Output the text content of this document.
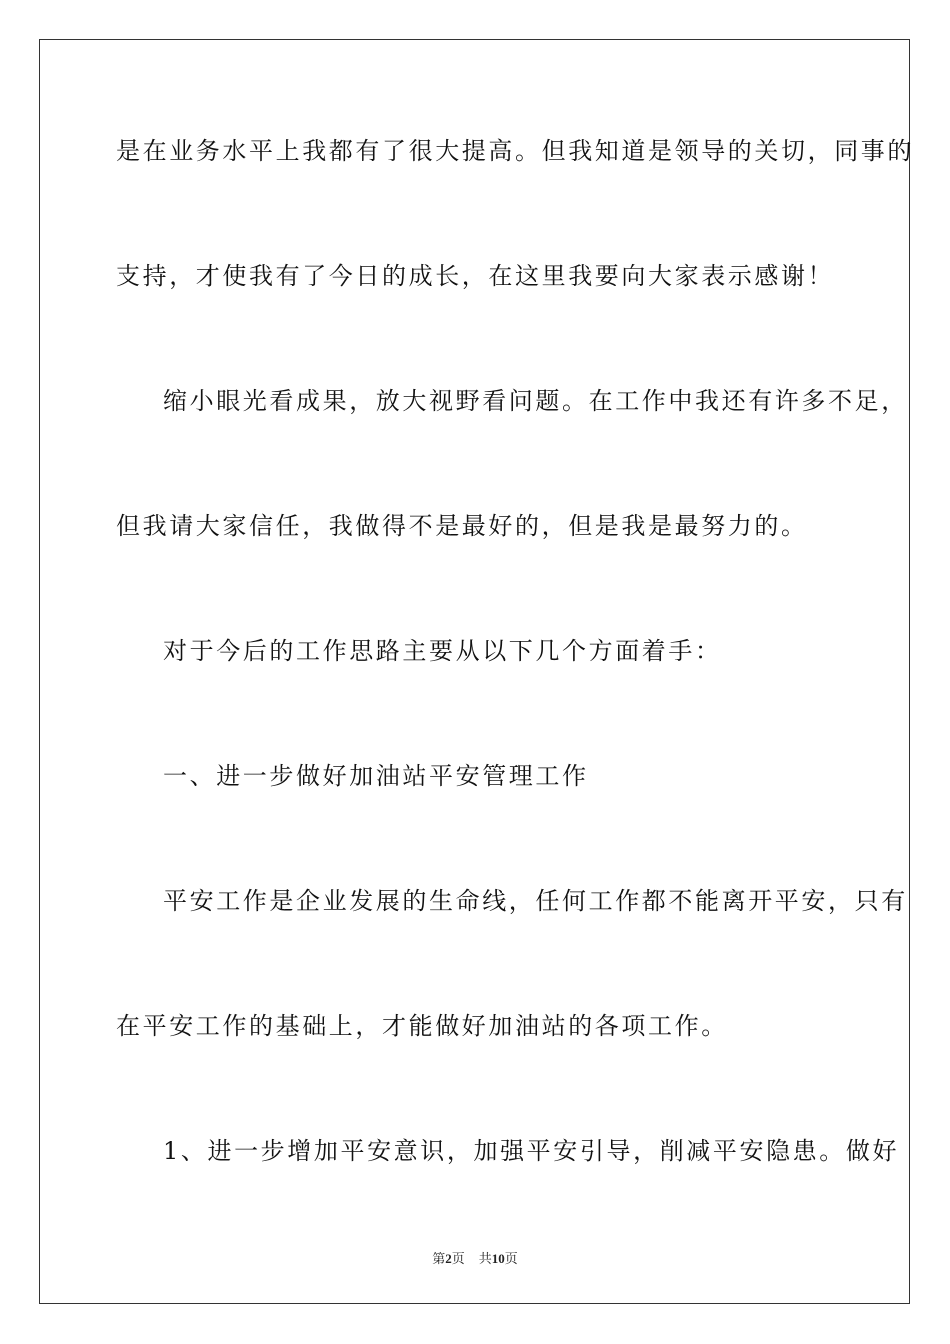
是在业务水平上我都有了很大提高。但我知道是领导的关切，同事的
支持，才使我有了今日的成长，在这里我要向大家表示感谢！
缩小眼光看成果，放大视野看问题。在工作中我还有许多不足，
但我请大家信任，我做得不是最好的，但是我是最努力的。
对于今后的工作思路主要从以下几个方面着手：
一、进一步做好加油站平安管理工作
平安工作是企业发展的生命线，任何工作都不能离开平安，只有
在平安工作的基础上，才能做好加油站的各项工作。
1、进一步增加平安意识，加强平安引导，削减平安隐患。做好
第2页 共10页
